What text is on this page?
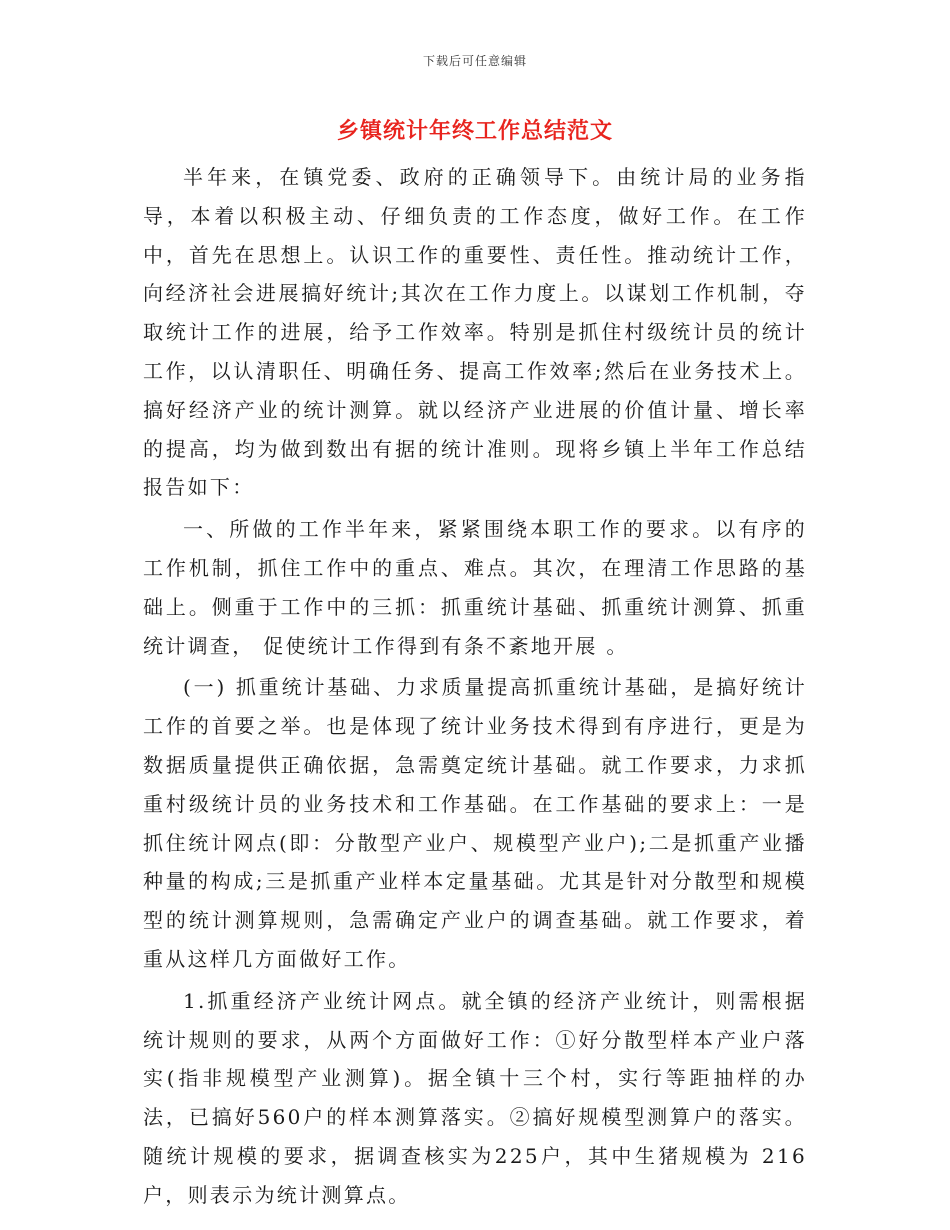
下载后可任意编辑
乡镇统计年终工作总结范文

半年来，在镇党委、政府的正确领导下。由统计局的业务指导，本着以积极主动、仔细负责的工作态度，做好工作。在工作中，首先在思想上。认识工作的重要性、责任性。推动统计工作，向经济社会进展搞好统计;其次在工作力度上。以谋划工作机制，夺取统计工作的进展，给予工作效率。特别是抓住村级统计员的统计工作，以认清职任、明确任务、提高工作效率;然后在业务技术上。搞好经济产业的统计测算。就以经济产业进展的价值计量、增长率的提高，均为做到数出有据的统计准则。现将乡镇上半年工作总结报告如下：

一、所做的工作半年来，紧紧围绕本职工作的要求。以有序的工作机制，抓住工作中的重点、难点。其次，在理清工作思路的基础上。侧重于工作中的三抓：抓重统计基础、抓重统计测算、抓重统计调查， 促使统计工作得到有条不紊地开展 。

(一) 抓重统计基础、力求质量提高抓重统计基础，是搞好统计工作的首要之举。也是体现了统计业务技术得到有序进行，更是为数据质量提供正确依据，急需奠定统计基础。就工作要求，力求抓重村级统计员的业务技术和工作基础。在工作基础的要求上：一是抓住统计网点(即：分散型产业户、规模型产业户);二是抓重产业播种量的构成;三是抓重产业样本定量基础。尤其是针对分散型和规模型的统计测算规则，急需确定产业户的调查基础。就工作要求，着重从这样几方面做好工作。

1.抓重经济产业统计网点。就全镇的经济产业统计，则需根据统计规则的要求，从两个方面做好工作：①好分散型样本产业户落实(指非规模型产业测算)。据全镇十三个村，实行等距抽样的办法，已搞好560户的样本测算落实。②搞好规模型测算户的落实。随统计规模的要求，据调查核实为225户，其中生猪规模为 216 户，则表示为统计测算点。
